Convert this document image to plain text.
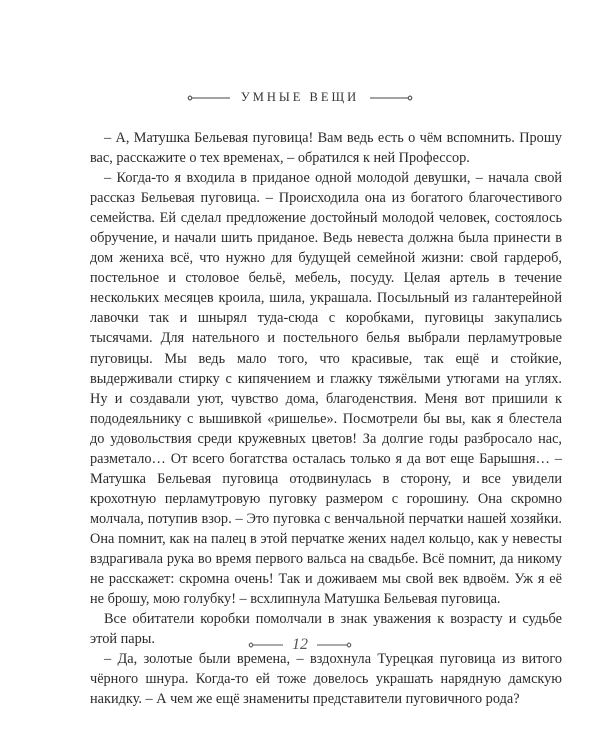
УМНЫЕ ВЕЩИ

– А, Матушка Бельевая пуговица! Вам ведь есть о чём вспомнить. Прошу вас, расскажите о тех временах, – обратился к ней Профессор.

– Когда-то я входила в приданое одной молодой девушки, – начала свой рассказ Бельевая пуговица. – Происходила она из богатого благочестивого семейства. Ей сделал предложение достойный молодой человек, состоялось обручение, и начали шить приданое. Ведь невеста должна была принести в дом жениха всё, что нужно для будущей семейной жизни: свой гардероб, постельное и столовое бельё, мебель, посуду. Целая артель в течение нескольких месяцев кроила, шила, украшала. Посыльный из галантерейной лавочки так и шнырял туда-сюда с коробками, пуговицы закупались тысячами. Для нательного и постельного белья выбрали перламутровые пуговицы. Мы ведь мало того, что красивые, так ещё и стойкие, выдерживали стирку с кипячением и глажку тяжёлыми утюгами на углях. Ну и создавали уют, чувство дома, благоденствия. Меня вот пришили к пододеяльнику с вышивкой «ришелье». Посмотрели бы вы, как я блестела до удовольствия среди кружевных цветов! За долгие годы разбросало нас, разметало… От всего богатства осталась только я да вот еще Барышня… – Матушка Бельевая пуговица отодвинулась в сторону, и все увидели крохотную перламутровую пуговку размером с горошину. Она скромно молчала, потупив взор. – Это пуговка с венчальной перчатки нашей хозяйки. Она помнит, как на палец в этой перчатке жених надел кольцо, как у невесты вздрагивала рука во время первого вальса на свадьбе. Всё помнит, да никому не расскажет: скромна очень! Так и доживаем мы свой век вдвоём. Уж я её не брошу, мою голубку! – всхлипнула Матушка Бельевая пуговица.

Все обитатели коробки помолчали в знак уважения к возрасту и судьбе этой пары.

– Да, золотые были времена, – вздохнула Турецкая пуговица из витого чёрного шнура. Когда-то ей тоже довелось украшать нарядную дамскую накидку. – А чем же ещё знамениты представители пуговичного рода?

12
